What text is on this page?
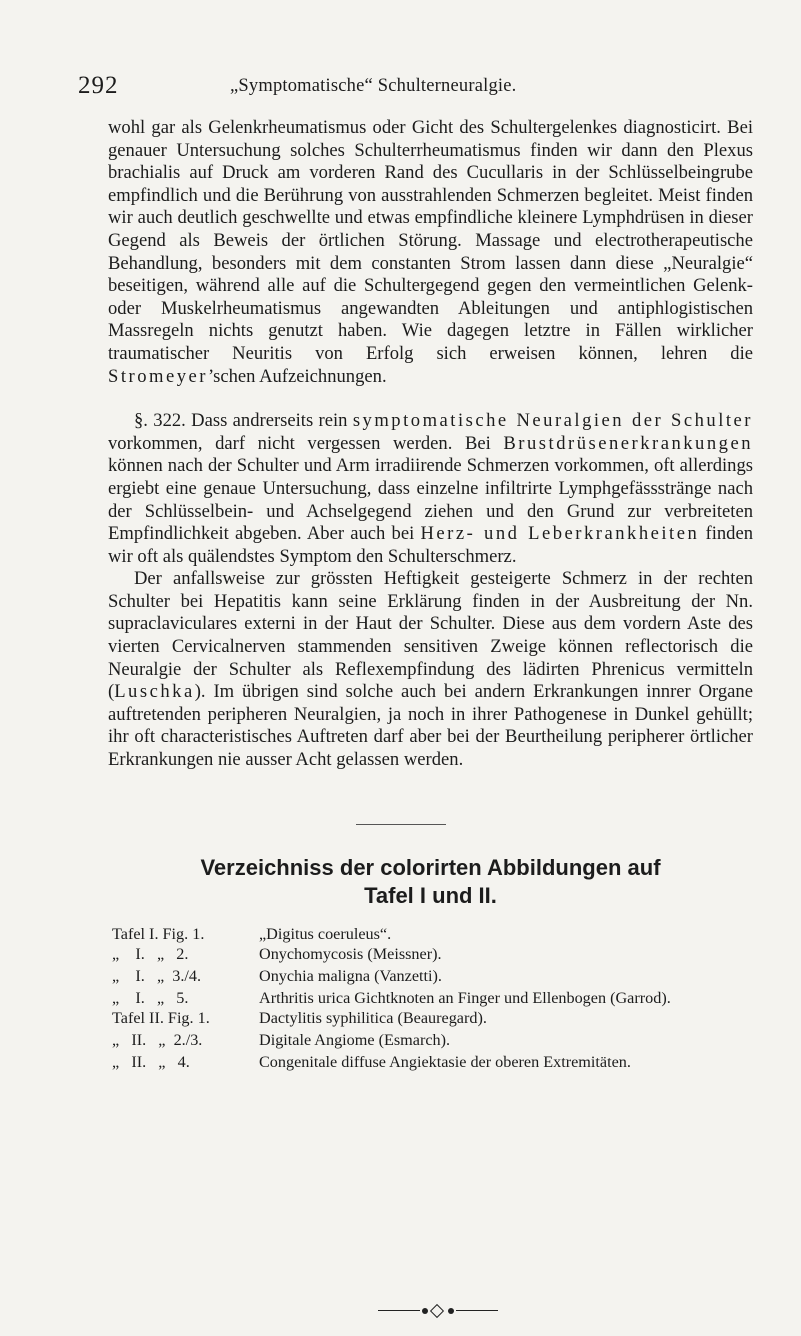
292	„Symptomatische“ Schulterneuralgie.

wohl gar als Gelenkrheumatismus oder Gicht des Schultergelenkes diagnosticirt. Bei genauer Untersuchung solches Schulterrheumatismus finden wir dann den Plexus brachialis auf Druck am vorderen Rand des Cucullaris in der Schlüsselbeingrube empfindlich und die Berührung von ausstrahlenden Schmerzen begleitet. Meist finden wir auch deutlich geschwellte und etwas empfindliche kleinere Lymphdrüsen in dieser Gegend als Beweis der örtlichen Störung. Massage und electrotherapeutische Behandlung, besonders mit dem constanten Strom lassen dann diese „Neuralgie“ beseitigen, während alle auf die Schultergegend gegen den vermeintlichen Gelenk- oder Muskelrheumatismus angewandten Ableitungen und antiphlogistischen Massregeln nichts genutzt haben. Wie dagegen letztre in Fällen wirklicher traumatischer Neuritis von Erfolg sich erweisen können, lehren die Stromeyer’schen Aufzeichnungen.

§. 322. Dass andrerseits rein symptomatische Neuralgien der Schulter vorkommen, darf nicht vergessen werden. Bei Brustdrüsenerkrankungen können nach der Schulter und Arm irradiirende Schmerzen vorkommen, oft allerdings ergiebt eine genaue Untersuchung, dass einzelne infiltrirte Lymphgefässstränge nach der Schlüsselbein- und Achselgegend ziehen und den Grund zur verbreiteten Empfindlichkeit abgeben. Aber auch bei Herz- und Leberkrankheiten finden wir oft als quälendstes Symptom den Schulterschmerz.

Der anfallsweise zur grössten Heftigkeit gesteigerte Schmerz in der rechten Schulter bei Hepatitis kann seine Erklärung finden in der Ausbreitung der Nn. supraclaviculares externi in der Haut der Schulter. Diese aus dem vordern Aste des vierten Cervicalnerven stammenden sensitiven Zweige können reflectorisch die Neuralgie der Schulter als Reflexempfindung des lädirten Phrenicus vermitteln (Luschka). Im übrigen sind solche auch bei andern Erkrankungen innrer Organe auftretenden peripheren Neuralgien, ja noch in ihrer Pathogenese in Dunkel gehüllt; ihr oft characteristisches Auftreten darf aber bei der Beurtheilung peripherer örtlicher Erkrankungen nie ausser Acht gelassen werden.

Verzeichniss der colorirten Abbildungen auf
Tafel I und II.
Tafel I. Fig. 1.	„Digitus coeruleus“.
„    I.   „   2.	Onychomycosis (Meissner).
„    I.   „  3./4.	Onychia maligna (Vanzetti).
„    I.   „   5.	Arthritis urica Gichtknoten an Finger und Ellenbogen (Garrod).
Tafel II. Fig. 1.	Dactylitis syphilitica (Beauregard).
„   II.   „  2./3.	Digitale Angiome (Esmarch).
„   II.   „   4.	Congenitale diffuse Angiektasie der oberen Extremitäten.
